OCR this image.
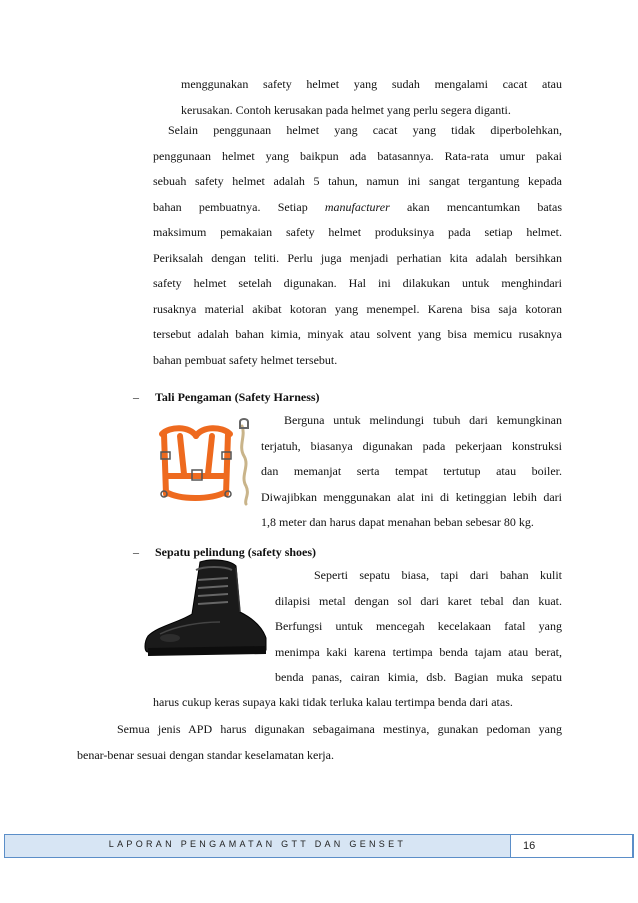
menggunakan safety helmet yang sudah mengalami cacat atau
kerusakan. Contoh kerusakan pada helmet yang perlu segera diganti.
Selain penggunaan helmet yang cacat yang tidak diperbolehkan,
penggunaan helmet yang baikpun ada batasannya. Rata-rata umur pakai
sebuah safety helmet adalah 5 tahun, namun ini sangat tergantung kepada
bahan pembuatnya. Setiap manufacturer akan mencantumkan batas
maksimum pemakaian safety helmet produksinya pada setiap helmet.
Periksalah dengan teliti. Perlu juga menjadi perhatian kita adalah bersihkan
safety helmet setelah digunakan. Hal ini dilakukan untuk menghindari
rusaknya material akibat kotoran yang menempel. Karena bisa saja kotoran
tersebut adalah bahan kimia, minyak atau solvent yang bisa memicu rusaknya
bahan pembuat safety helmet tersebut.
– Tali Pengaman (Safety Harness)
Berguna untuk melindungi tubuh dari kemungkinan
terjatuh, biasanya digunakan pada pekerjaan konstruksi
dan memanjat serta tempat tertutup atau boiler.
Diwajibkan menggunakan alat ini di ketinggian lebih dari
1,8 meter dan harus dapat menahan beban sebesar 80 kg.
– Sepatu pelindung (safety shoes)
Seperti sepatu biasa, tapi dari bahan kulit
dilapisi metal dengan sol dari karet tebal dan kuat.
Berfungsi untuk mencegah kecelakaan fatal yang
menimpa kaki karena tertimpa benda tajam atau berat,
benda panas, cairan kimia, dsb. Bagian muka sepatu
harus cukup keras supaya kaki tidak terluka kalau tertimpa benda dari atas.
Semua jenis APD harus digunakan sebagaimana mestinya, gunakan pedoman yang
benar-benar sesuai dengan standar keselamatan kerja.
LAPORAN PENGAMATAN GTT DAN GENSET	16
